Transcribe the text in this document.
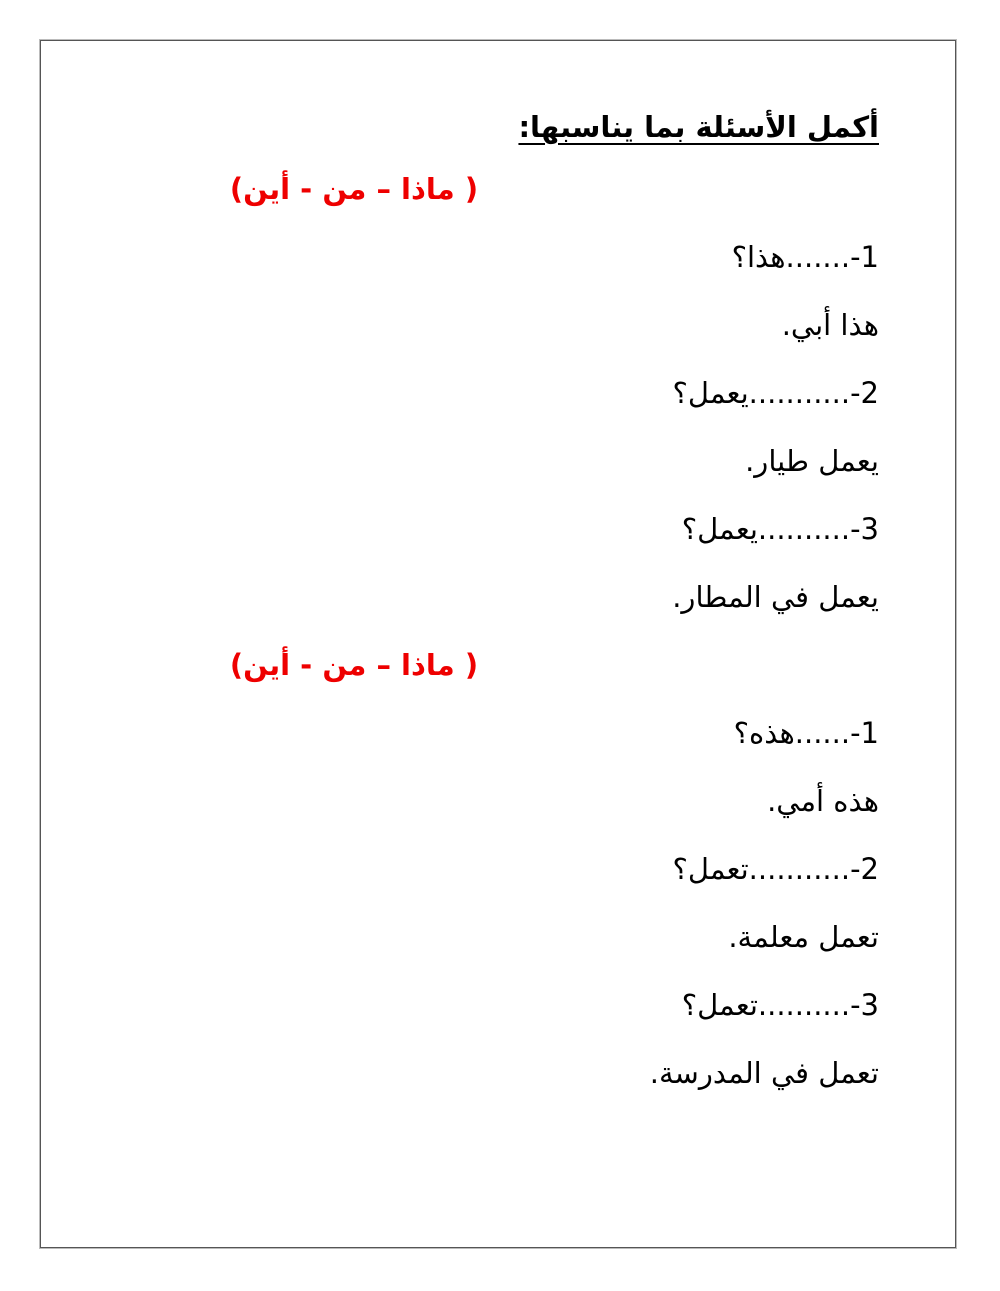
أكمل الأسئلة بما يناسبها:
( ماذا – من - أين)
1-.......هذا؟
هذا أبي.
2-...........يعمل؟
يعمل طيار.
3-..........يعمل؟
يعمل في المطار.
( ماذا – من - أين)
1-......هذه؟
هذه أمي.
2-...........تعمل؟
تعمل معلمة.
3-..........تعمل؟
تعمل في المدرسة.
